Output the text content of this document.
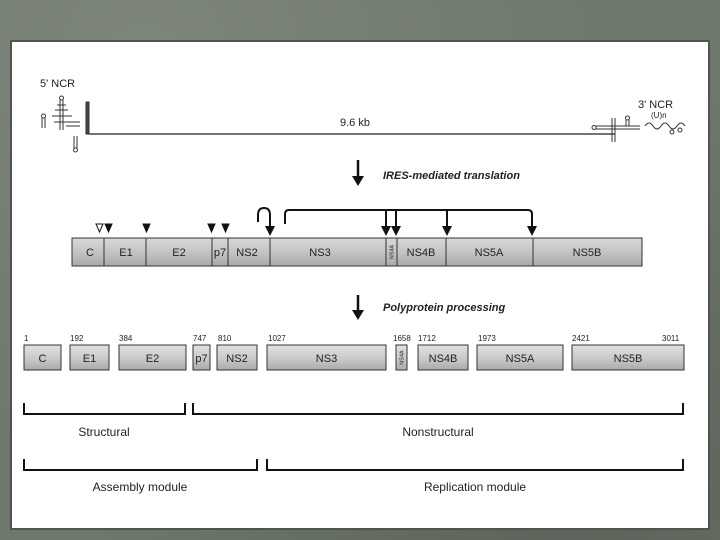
5' NCR
3' NCR
(U)n
9.6 kb
IRES-mediated translation
C E1	E2	p7 NS2	NS3	NS4A NS4B	NS5A	NS5B
Polyprotein processing
1	192	384	747 810	1027	1658 1712	1973	2421	3011
C	E1	E2	p7 NS2	NS3	NS4A NS4B	NS5A	NS5B
Structural	Nonstructural
Assembly module	Replication module
